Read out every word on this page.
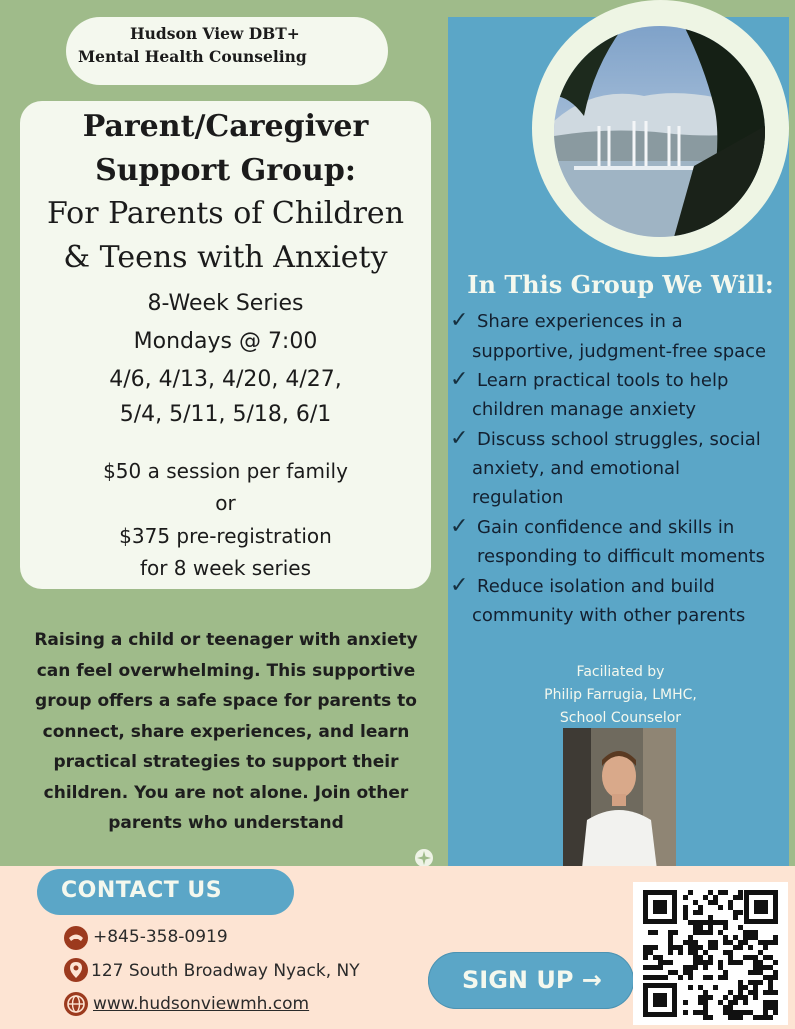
Hudson View DBT+
Mental Health Counseling
Parent/Caregiver
Support Group:
For Parents of Children
& Teens with Anxiety
8-Week Series
Mondays @ 7:00
4/6, 4/13, 4/20, 4/27,
5/4, 5/11, 5/18, 6/1
$50 a session per family
or
$375 pre-registration
for 8 week series
Raising a child or teenager with anxiety can feel overwhelming. This supportive group offers a safe space for parents to connect, share experiences, and learn practical strategies to support their children. You are not alone. Join other parents who understand
In This Group We Will:
✓ Share experiences in a
supportive, judgment-free space
✓ Learn practical tools to help
children manage anxiety
✓ Discuss school struggles, social
anxiety, and emotional
regulation
✓ Gain confidence and skills in
responding to difficult moments
✓ Reduce isolation and build
community with other parents
Faciliated by
Philip Farrugia, LMHC,
School Counselor
CONTACT US
+845-358-0919
127 South Broadway Nyack, NY
www.hudsonviewmh.com
SIGN UP →
